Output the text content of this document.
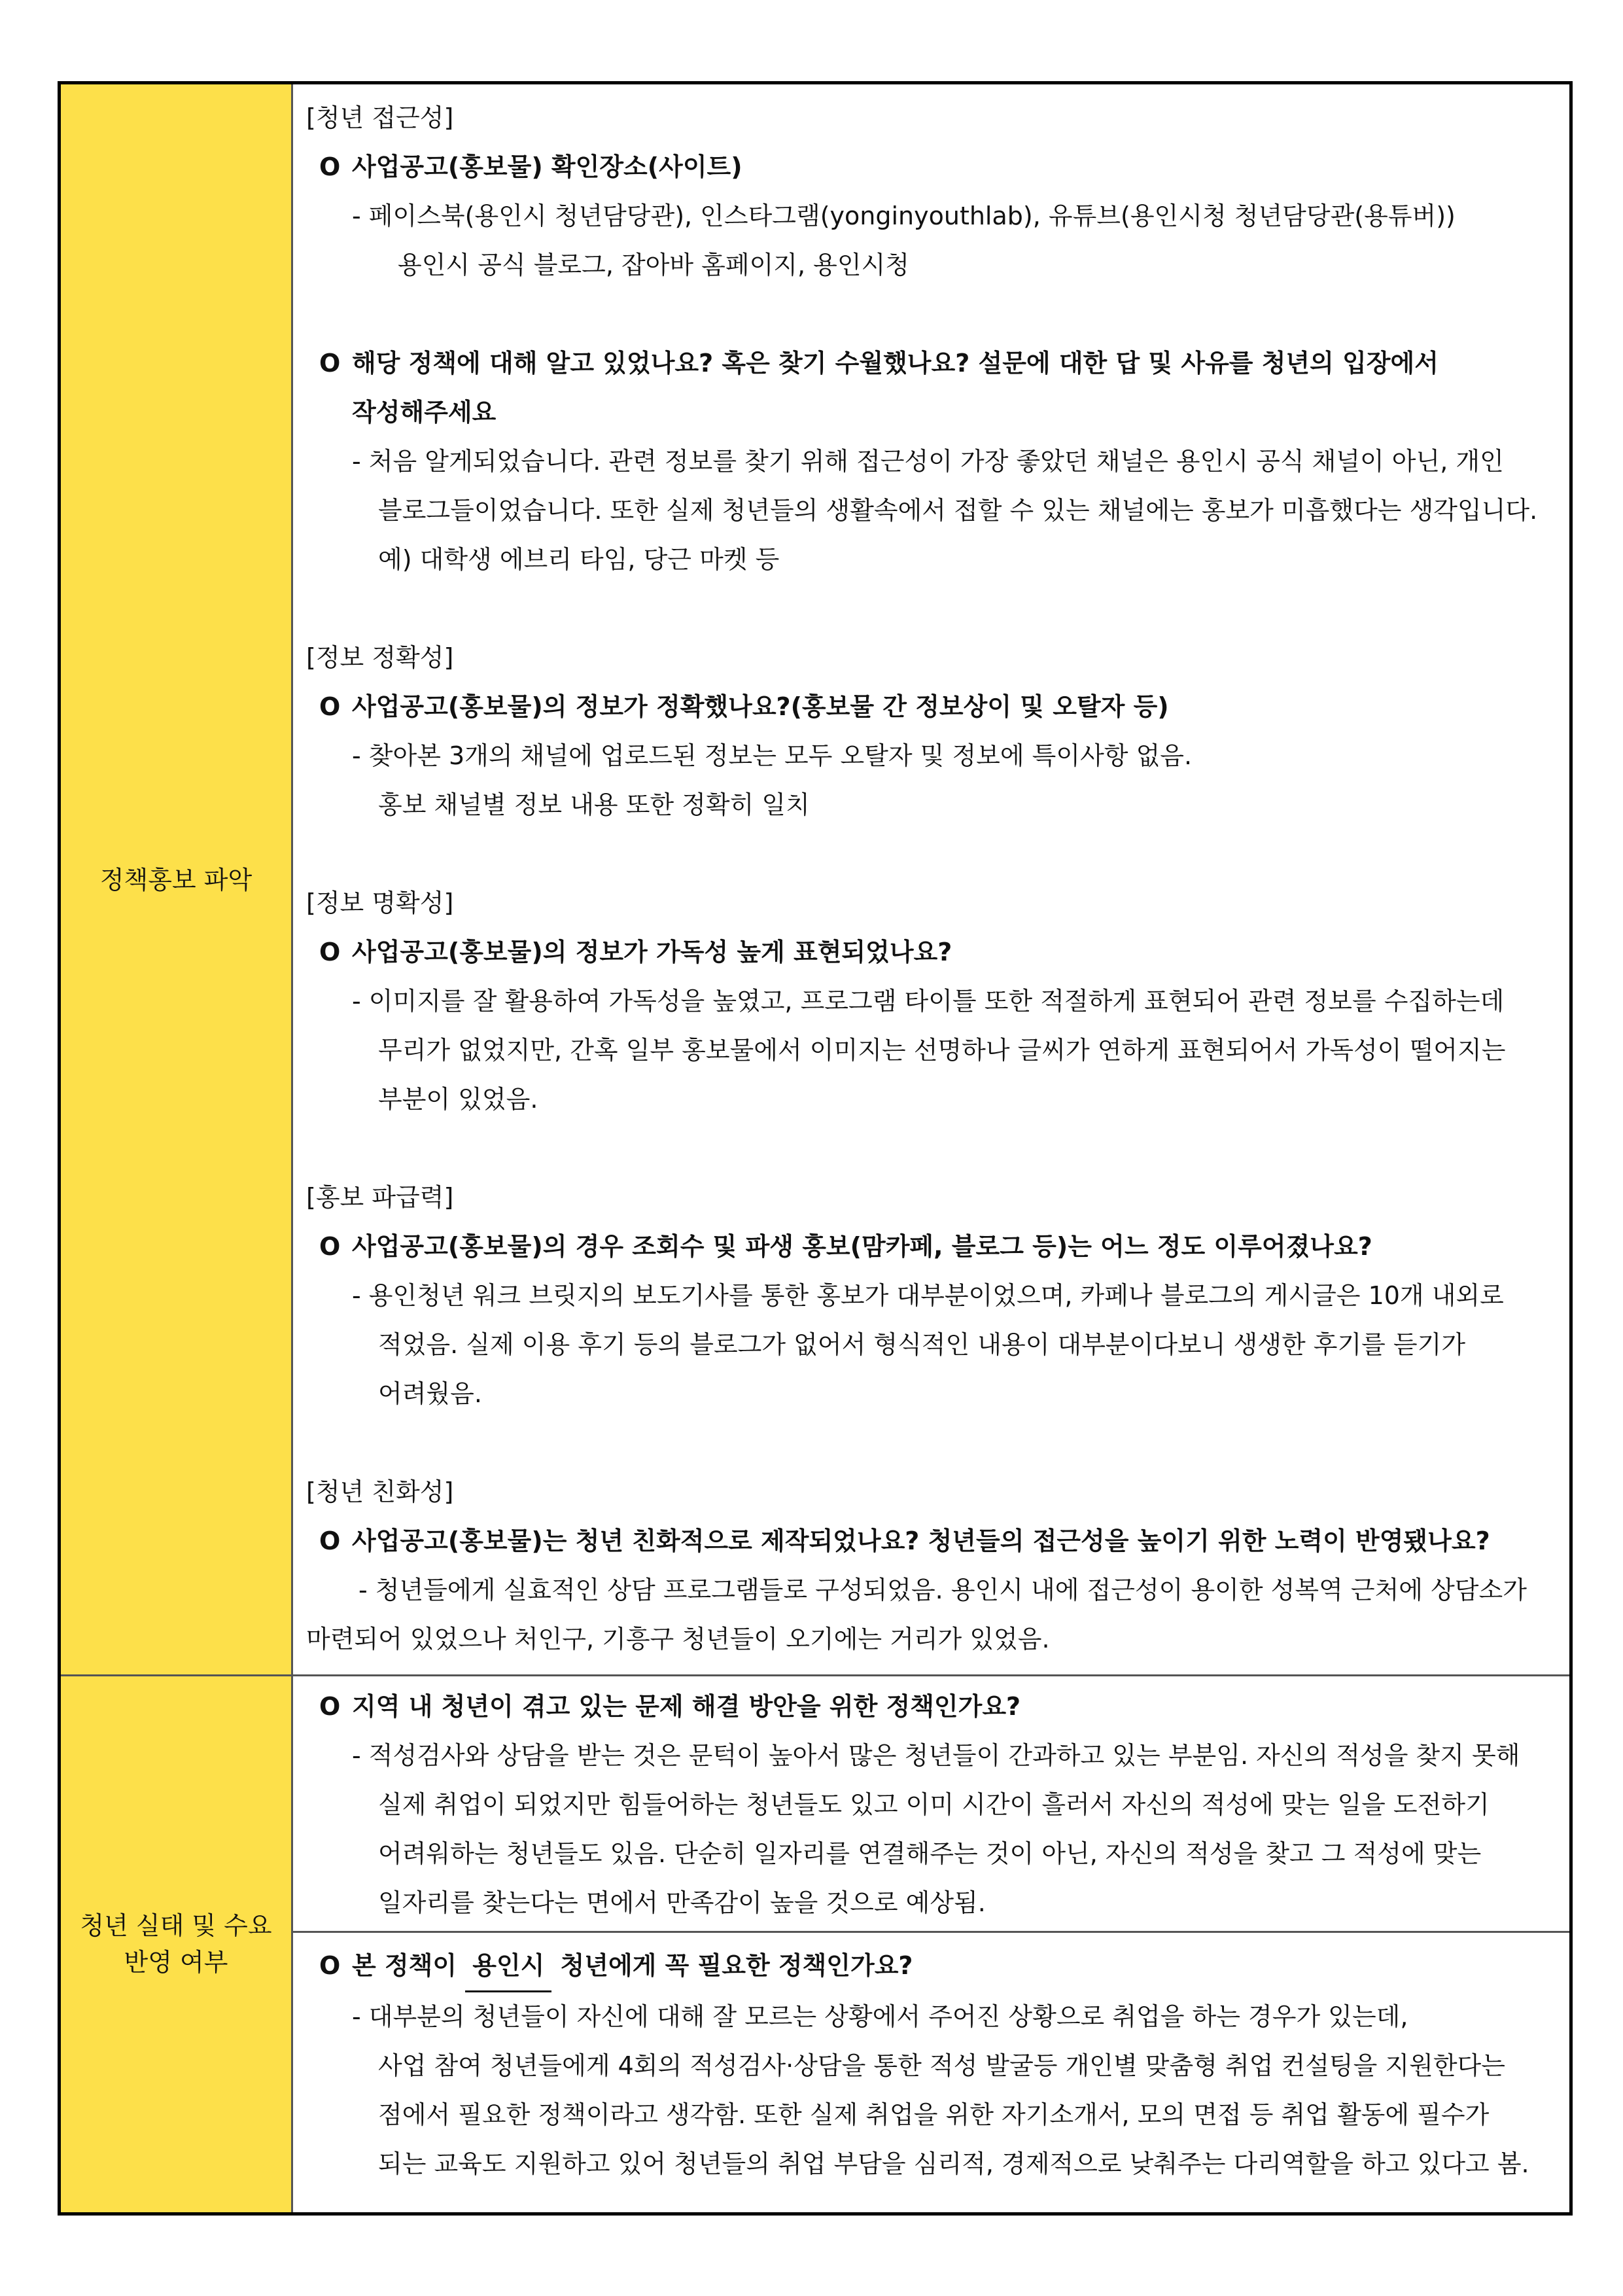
정책홍보 파악
청년 실태 및 수요
반영 여부
[청년 접근성]
O 사업공고(홍보물) 확인장소(사이트)
- 페이스북(용인시 청년담당관), 인스타그램(yonginyouthlab), 유튜브(용인시청 청년담당관(용튜버))
용인시 공식 블로그, 잡아바 홈페이지, 용인시청
O 해당 정책에 대해 알고 있었나요? 혹은 찾기 수월했나요? 설문에 대한 답 및 사유를 청년의 입장에서
작성해주세요
- 처음 알게되었습니다. 관련 정보를 찾기 위해 접근성이 가장 좋았던 채널은 용인시 공식 채널이 아닌, 개인
블로그들이었습니다. 또한 실제 청년들의 생활속에서 접할 수 있는 채널에는 홍보가 미흡했다는 생각입니다.
예) 대학생 에브리 타임, 당근 마켓 등
[정보 정확성]
O 사업공고(홍보물)의 정보가 정확했나요?(홍보물 간 정보상이 및 오탈자 등)
- 찾아본 3개의 채널에 업로드된 정보는 모두 오탈자 및 정보에 특이사항 없음.
홍보 채널별 정보 내용 또한 정확히 일치
[정보 명확성]
O 사업공고(홍보물)의 정보가 가독성 높게 표현되었나요?
- 이미지를 잘 활용하여 가독성을 높였고, 프로그램 타이틀 또한 적절하게 표현되어 관련 정보를 수집하는데
무리가 없었지만, 간혹 일부 홍보물에서 이미지는 선명하나 글씨가 연하게 표현되어서 가독성이 떨어지는
부분이 있었음.
[홍보 파급력]
O 사업공고(홍보물)의 경우 조회수 및 파생 홍보(맘카페, 블로그 등)는 어느 정도 이루어졌나요?
- 용인청년 워크 브릿지의 보도기사를 통한 홍보가 대부분이었으며, 카페나 블로그의 게시글은 10개 내외로
적었음. 실제 이용 후기 등의 블로그가 없어서 형식적인 내용이 대부분이다보니 생생한 후기를 듣기가
어려웠음.
[청년 친화성]
O 사업공고(홍보물)는 청년 친화적으로 제작되었나요? 청년들의 접근성을 높이기 위한 노력이 반영됐나요?
- 청년들에게 실효적인 상담 프로그램들로 구성되었음. 용인시 내에 접근성이 용이한 성복역 근처에 상담소가
마련되어 있었으나 처인구, 기흥구 청년들이 오기에는 거리가 있었음.
O 지역 내 청년이 겪고 있는 문제 해결 방안을 위한 정책인가요?
- 적성검사와 상담을 받는 것은 문턱이 높아서 많은 청년들이 간과하고 있는 부분임. 자신의 적성을 찾지 못해
실제 취업이 되었지만 힘들어하는 청년들도 있고 이미 시간이 흘러서 자신의 적성에 맞는 일을 도전하기
어려워하는 청년들도 있음. 단순히 일자리를 연결해주는 것이 아닌, 자신의 적성을 찾고 그 적성에 맞는
일자리를 찾는다는 면에서 만족감이 높을 것으로 예상됨.
O 본 정책이 용인시 청년에게 꼭 필요한 정책인가요?
- 대부분의 청년들이 자신에 대해 잘 모르는 상황에서 주어진 상황으로 취업을 하는 경우가 있는데,
사업 참여 청년들에게 4회의 적성검사·상담을 통한 적성 발굴등 개인별 맞춤형 취업 컨설팅을 지원한다는
점에서 필요한 정책이라고 생각함. 또한 실제 취업을 위한 자기소개서, 모의 면접 등 취업 활동에 필수가
되는 교육도 지원하고 있어 청년들의 취업 부담을 심리적, 경제적으로 낮춰주는 다리역할을 하고 있다고 봄.
